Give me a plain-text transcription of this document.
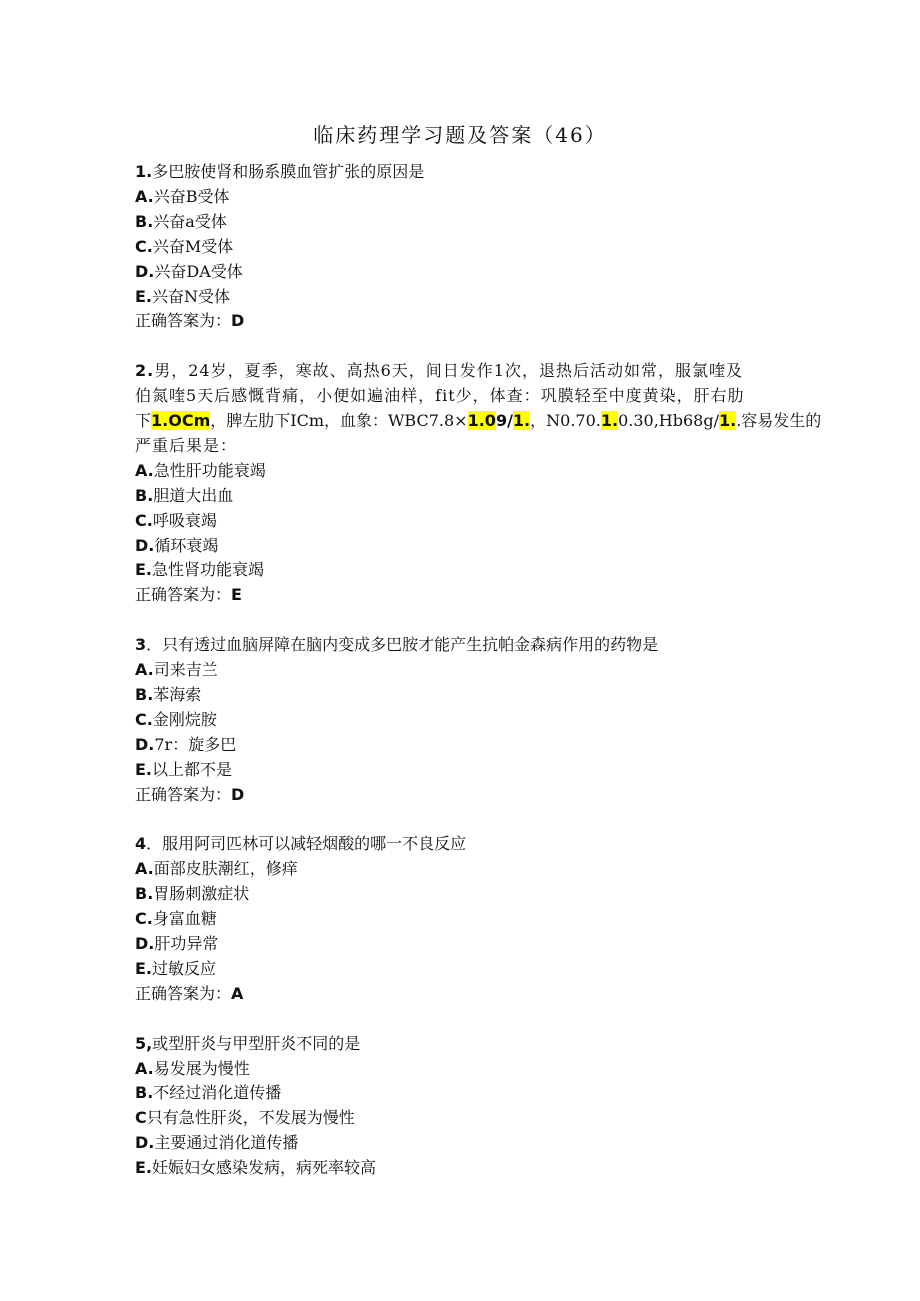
临床药理学习题及答案（46）
1.多巴胺使肾和肠系膜血管扩张的原因是
A.兴奋B受体
B.兴奋a受体
C.兴奋M受体
D.兴奋DA受体
E.兴奋N受体
正确答案为：D
2.男，24岁，夏季，寒故、高热6天，间日发作1次，退热后活动如常，服氯喹及
伯氮喹5天后感慨背痛，小便如遍油样，fit少，体查：巩膜轻至中度黄染，肝右肋
下1.OCm，脾左肋下ICm，血象：WBC7.8×1.09/1.，N0.70.1.0.30,Hb68g/1..容易发生的
严重后果是：
A.急性肝功能衰竭
B.胆道大出血
C.呼吸衰竭
D.循环衰竭
E.急性肾功能衰竭
正确答案为：E
3．只有透过血脑屏障在脑内变成多巴胺才能产生抗帕金森病作用的药物是
A.司来吉兰
B.苯海索
C.金刚烷胺
D.7r：旋多巴
E.以上都不是
正确答案为：D
4．服用阿司匹林可以减轻烟酸的哪一不良反应
A.面部皮肤潮红，修痒
B.胃肠刺激症状
C.身富血糖
D.肝功异常
E.过敏反应
正确答案为：A
5,或型肝炎与甲型肝炎不同的是
A.易发展为慢性
B.不经过消化道传播
C只有急性肝炎，不发展为慢性
D.主要通过消化道传播
E.妊娠妇女感染发病，病死率较高
